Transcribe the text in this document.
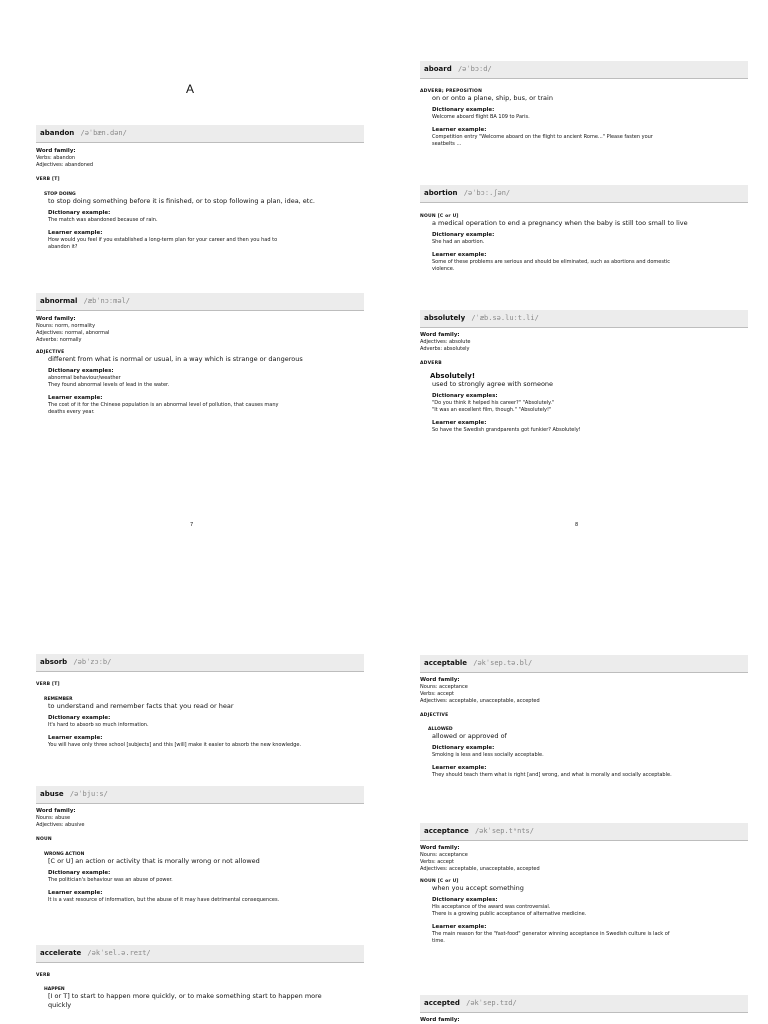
A
abandon /əˈbæn.dən/
Word family:
Verbs: abandon
Adjectives: abandoned
VERB [T]
STOP DOING
to stop doing something before it is finished, or to stop following a plan, idea, etc.
Dictionary example:
The match was abandoned because of rain.
Learner example:
How would you feel if you established a long-term plan for your career and then you had to
abandon it?
abnormal /æbˈnɔːməl/
Word family:
Nouns: norm, normality
Adjectives: normal, abnormal
Adverbs: normally
ADJECTIVE
different from what is normal or usual, in a way which is strange or dangerous
Dictionary examples:
abnormal behaviour/weather
They found abnormal levels of lead in the water.
Learner example:
The cost of it for the Chinese population is an abnormal level of pollution, that causes many
deaths every year.
7
aboard /əˈbɔːd/
ADVERB; PREPOSITION
on or onto a plane, ship, bus, or train
Dictionary example:
Welcome aboard flight BA 109 to Paris.
Learner example:
Competition entry "Welcome aboard on the flight to ancient Rome..." Please fasten your
seatbelts ...
abortion /əˈbɔː.ʃən/
NOUN [C or U]
a medical operation to end a pregnancy when the baby is still too small to live
Dictionary example:
She had an abortion.
Learner example:
Some of these problems are serious and should be eliminated, such as abortions and domestic
violence.
absolutely /ˈæb.sə.luːt.li/
Word family:
Adjectives: absolute
Adverbs: absolutely
ADVERB
Absolutely!
used to strongly agree with someone
Dictionary examples:
"Do you think it helped his career?" "Absolutely."
"It was an excellent film, though." "Absolutely!"
Learner example:
So have the Swedish grandparents got funkier? Absolutely!
8
absorb /əbˈzɔːb/
VERB [T]
REMEMBER
to understand and remember facts that you read or hear
Dictionary example:
It's hard to absorb so much information.
Learner example:
You will have only three school [subjects] and this [will] make it easier to absorb the new knowledge.
abuse /əˈbjuːs/
Word family:
Nouns: abuse
Adjectives: abusive
NOUN
WRONG ACTION
[C or U] an action or activity that is morally wrong or not allowed
Dictionary example:
The politician's behaviour was an abuse of power.
Learner example:
It is a vast resource of information, but the abuse of it may have detrimental consequences.
accelerate /əkˈsel.ə.reɪt/
VERB
HAPPEN
[I or T] to start to happen more quickly, or to make something start to happen more
quickly
acceptable /əkˈsep.tə.bl/
Word family:
Nouns: acceptance
Verbs: accept
Adjectives: acceptable, unacceptable, accepted
ADJECTIVE
ALLOWED
allowed or approved of
Dictionary example:
Smoking is less and less socially acceptable.
Learner example:
They should teach them what is right [and] wrong, and what is morally and socially acceptable.
acceptance /əkˈsep.tᵊnts/
Word family:
Nouns: acceptance
Verbs: accept
Adjectives: acceptable, unacceptable, accepted
NOUN [C or U]
when you accept something
Dictionary examples:
His acceptance of the award was controversial.
There is a growing public acceptance of alternative medicine.
Learner example:
The main reason for the "fast-food" generator winning acceptance in Swedish culture is lack of
time.
accepted /əkˈsep.tɪd/
Word family:
